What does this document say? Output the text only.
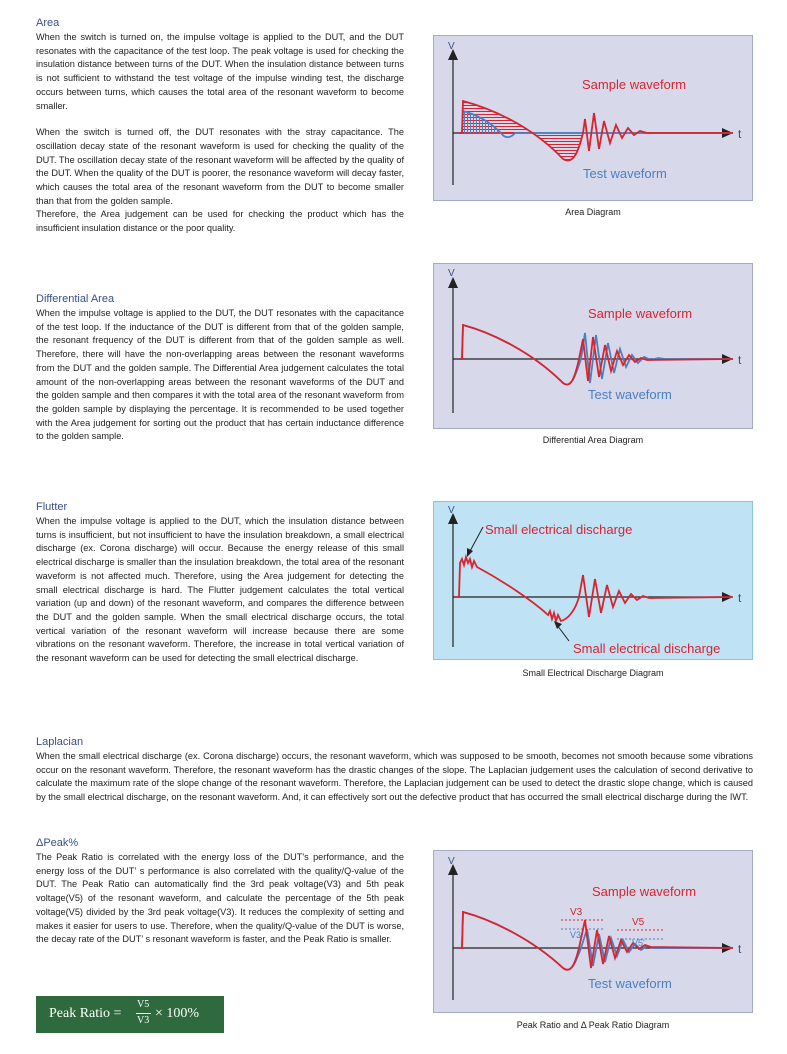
Area

When the switch is turned on, the impulse voltage is applied to the DUT, and the DUT resonates with the capacitance of the test loop. The peak voltage is used for checking the insulation distance between turns of the DUT. When the insulation distance between turns is not sufficient to withstand the test voltage of the impulse winding test, the discharge occurs between turns, which causes the total area of the resonant waveform to become smaller.

When the switch is turned off, the DUT resonates with the stray capacitance. The oscillation decay state of the resonant waveform is used for checking the quality of the DUT. The oscillation decay state of the resonant waveform will be affected by the quality of the DUT. When the quality of the DUT is poorer, the resonance waveform will decay faster, which causes the total area of the resonant waveform from the DUT to become smaller than that from the golden sample.

Therefore, the Area judgement can be used for checking the product which has the insufficient insulation distance or the poor quality.

V
t
Sample waveform
Test waveform
Area Diagram
Differential Area
When the impulse voltage is applied to the DUT, the DUT resonates with the capacitance of the test loop. If the inductance of the DUT is different from that of the golden sample, the resonant frequency of the DUT is different from that of the golden sample as well. Therefore, there will have the non-overlapping areas between the resonant waveforms from the DUT and the golden sample. The Differential Area judgement calculates the total amount of the non-overlapping areas between the resonant waveforms of the DUT and the golden sample and then compares it with the total area of the resonant waveform from the golden sample by displaying the percentage. It is recommended to be used together with the Area judgement for sorting out the product that has certain inductance difference to the golden sample.
V
t
Sample waveform
Test waveform
Differential Area Diagram
Flutter
When the impulse voltage is applied to the DUT, which the insulation distance between turns is insufficient, but not insufficient to have the insulation breakdown, a small electrical discharge (ex. Corona discharge) will occur. Because the energy release of this small electrical discharge is smaller than the insulation breakdown, the total area of the resonant waveform is not affected much. Therefore, using the Area judgement for detecting the small electrical discharge is hard. The Flutter judgement calculates the total vertical variation (up and down) of the resonant waveform, and compares the difference between the DUT and the golden sample. When the small electrical discharge occurs, the total vertical variation of the resonant waveform will increase because there are some vibrations on the resonant waveform. Therefore, the increase in total vertical variation of the resonant waveform can be used for detecting the small electrical discharge.
V
t
Small electrical discharge
Small electrical discharge
Small Electrical Discharge Diagram
Laplacian
When the small electrical discharge (ex. Corona discharge) occurs, the resonant waveform, which was supposed to be smooth, becomes not smooth because some vibrations occur on the resonant waveform. Therefore, the resonant waveform has the drastic changes of the slope. The Laplacian judgement uses the calculation of second derivative to calculate the maximum rate of the slope change of the resonant waveform. Therefore, the Laplacian judgement can be used to detect the drastic slope change, which is caused by the small electrical discharge, on the resonant waveform. And, it can effectively sort out the defective product that has occurred the small electrical discharge during the IWT.
ΔPeak%
The Peak Ratio is correlated with the energy loss of the DUT's performance, and the energy loss of the DUT’ s performance is also correlated with the quality/Q-value of the DUT. The Peak Ratio can automatically find the 3rd peak voltage(V3) and 5th peak voltage(V5) of the resonant waveform, and calculate the percentage of the 5th peak voltage(V5) divided by the 3rd peak voltage(V3). It reduces the complexity of setting and makes it easier for users to use. Therefore, when the quality/Q-value of the DUT is worse, the decay rate of the DUT’ s resonant waveform is faster, and the Peak Ratio is smaller.
Peak Ratio =
V5
V3 × 100%
V
t
V3
V3'
V5
V5'
Sample waveform
Test waveform
Peak Ratio and Δ Peak Ratio Diagram
